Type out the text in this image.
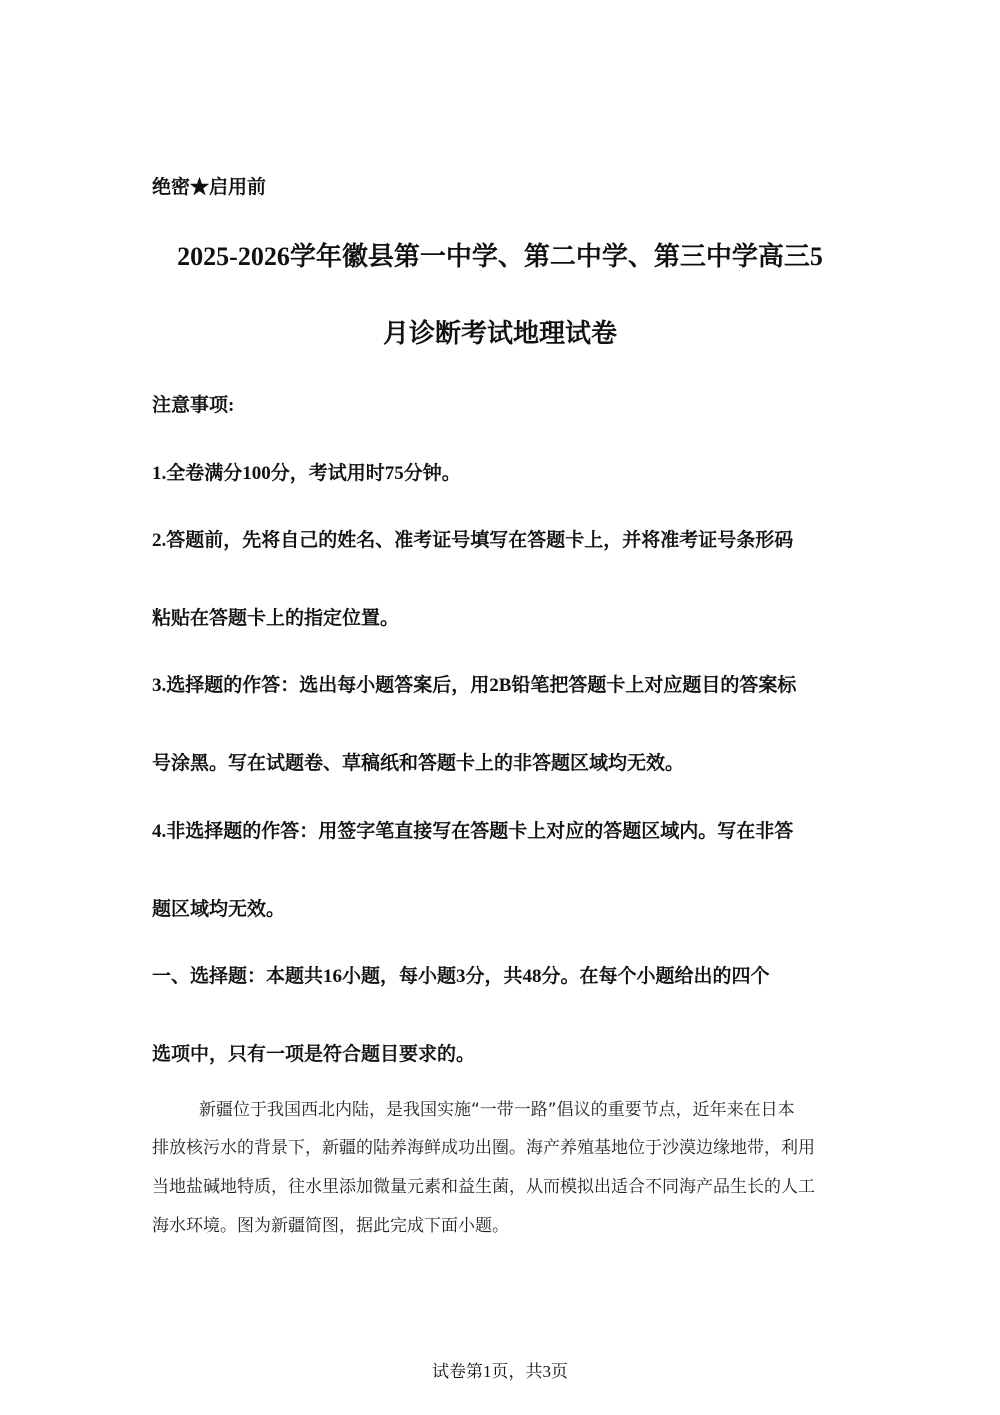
绝密★启用前
2025-2026学年徽县第一中学、第二中学、第三中学高三5
月诊断考试地理试卷
注意事项:
1.全卷满分100分，考试用时75分钟。
2.答题前，先将自己的姓名、准考证号填写在答题卡上，并将准考证号条形码
粘贴在答题卡上的指定位置。
3.选择题的作答：选出每小题答案后，用2B铅笔把答题卡上对应题目的答案标
号涂黑。写在试题卷、草稿纸和答题卡上的非答题区域均无效。
4.非选择题的作答：用签字笔直接写在答题卡上对应的答题区域内。写在非答
题区域均无效。
一、选择题：本题共16小题，每小题3分，共48分。在每个小题给出的四个
选项中，只有一项是符合题目要求的。
新疆位于我国西北内陆，是我国实施“一带一路”倡议的重要节点，近年来在日本
排放核污水的背景下，新疆的陆养海鲜成功出圈。海产养殖基地位于沙漠边缘地带，利用
当地盐碱地特质，往水里添加微量元素和益生菌，从而模拟出适合不同海产品生长的人工
海水环境。图为新疆简图，据此完成下面小题。
试卷第1页，共3页
